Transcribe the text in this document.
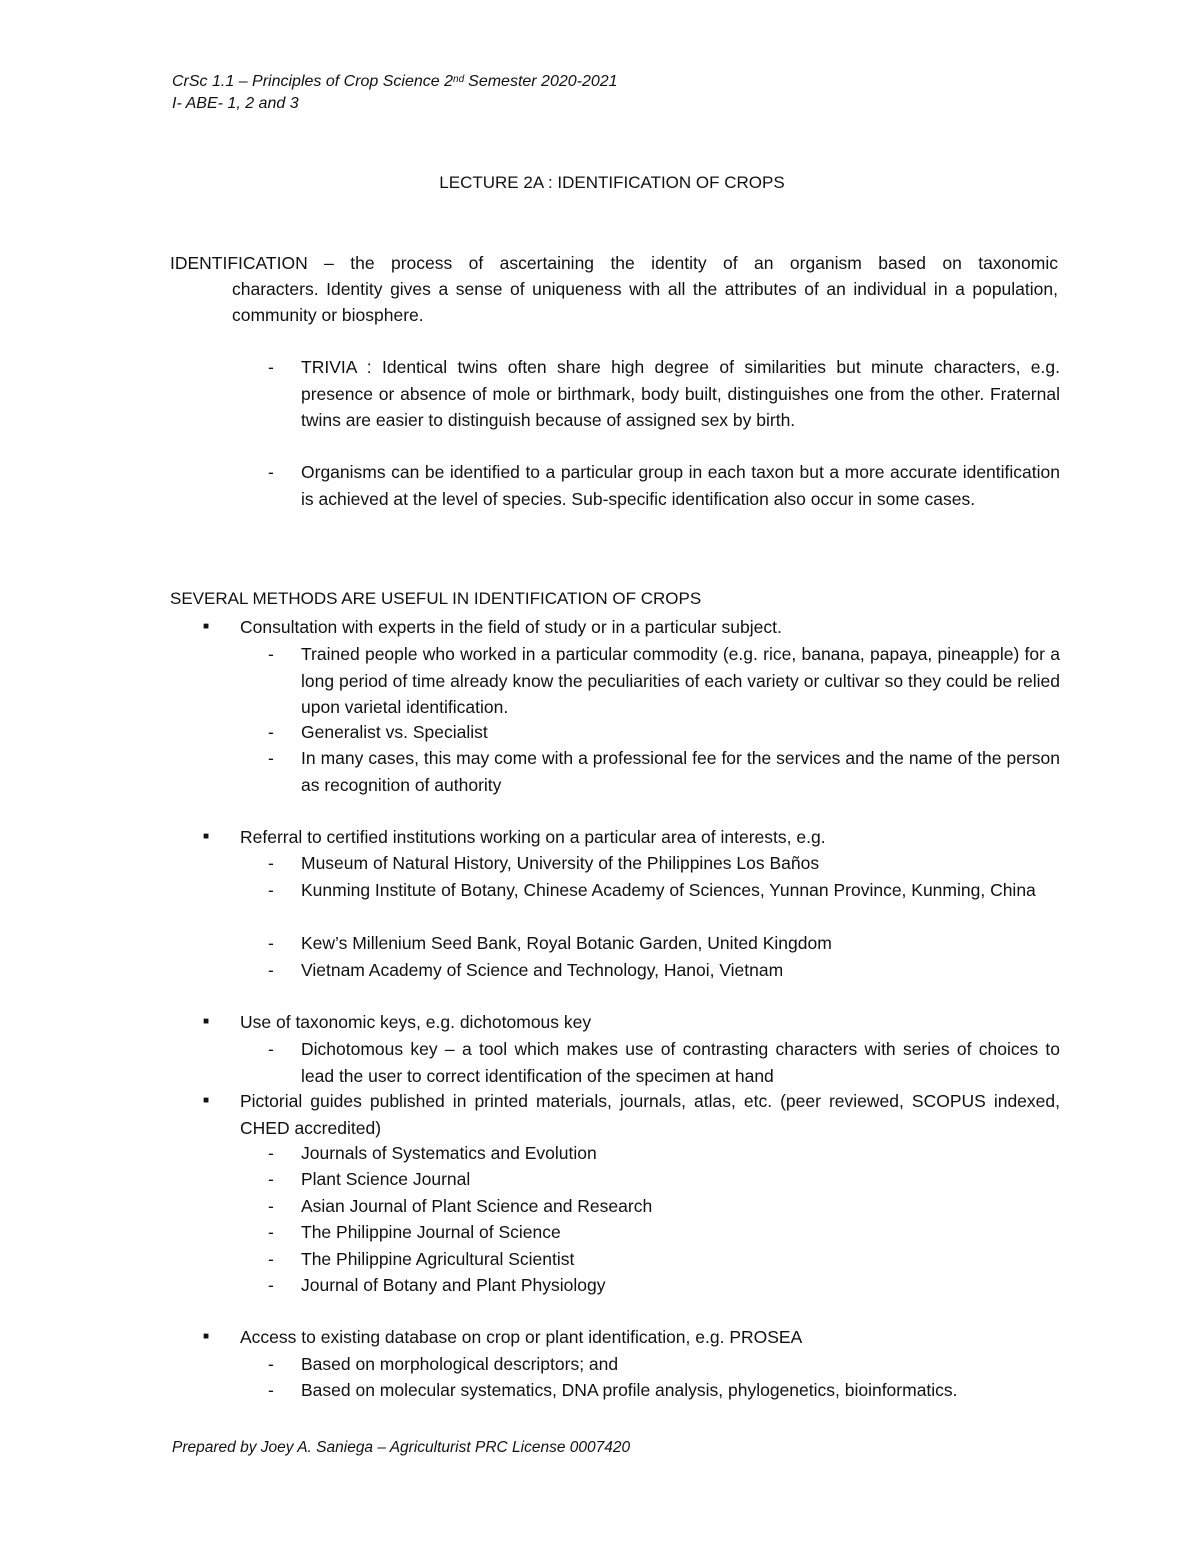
CrSc 1.1 – Principles of Crop Science 2nd Semester 2020-2021
I- ABE- 1, 2 and 3
LECTURE 2A : IDENTIFICATION OF CROPS
IDENTIFICATION – the process of ascertaining the identity of an organism based on taxonomic
characters. Identity gives a sense of uniqueness with all the attributes of an individual in a population, community or biosphere.
- TRIVIA : Identical twins often share high degree of similarities but minute characters, e.g. presence or absence of mole or birthmark, body built, distinguishes one from the other. Fraternal twins are easier to distinguish because of assigned sex by birth.
- Organisms can be identified to a particular group in each taxon but a more accurate identification is achieved at the level of species. Sub-specific identification also occur in some cases.
SEVERAL METHODS ARE USEFUL IN IDENTIFICATION OF CROPS
■ Consultation with experts in the field of study or in a particular subject.
- Trained people who worked in a particular commodity (e.g. rice, banana, papaya, pineapple) for a long period of time already know the peculiarities of each variety or cultivar so they could be relied upon varietal identification.
- Generalist vs. Specialist
- In many cases, this may come with a professional fee for the services and the name of the person as recognition of authority
■ Referral to certified institutions working on a particular area of interests, e.g.
- Museum of Natural History, University of the Philippines Los Baños
- Kunming Institute of Botany, Chinese Academy of Sciences, Yunnan Province, Kunming, China
- Kew’s Millenium Seed Bank, Royal Botanic Garden, United Kingdom
- Vietnam Academy of Science and Technology, Hanoi, Vietnam
■ Use of taxonomic keys, e.g. dichotomous key
- Dichotomous key – a tool which makes use of contrasting characters with series of choices to lead the user to correct identification of the specimen at hand
■ Pictorial guides published in printed materials, journals, atlas, etc. (peer reviewed, SCOPUS indexed, CHED accredited)
- Journals of Systematics and Evolution
- Plant Science Journal
- Asian Journal of Plant Science and Research
- The Philippine Journal of Science
- The Philippine Agricultural Scientist
- Journal of Botany and Plant Physiology
■ Access to existing database on crop or plant identification, e.g. PROSEA
- Based on morphological descriptors; and
- Based on molecular systematics, DNA profile analysis, phylogenetics, bioinformatics.
Prepared by Joey A. Saniega – Agriculturist PRC License 0007420
